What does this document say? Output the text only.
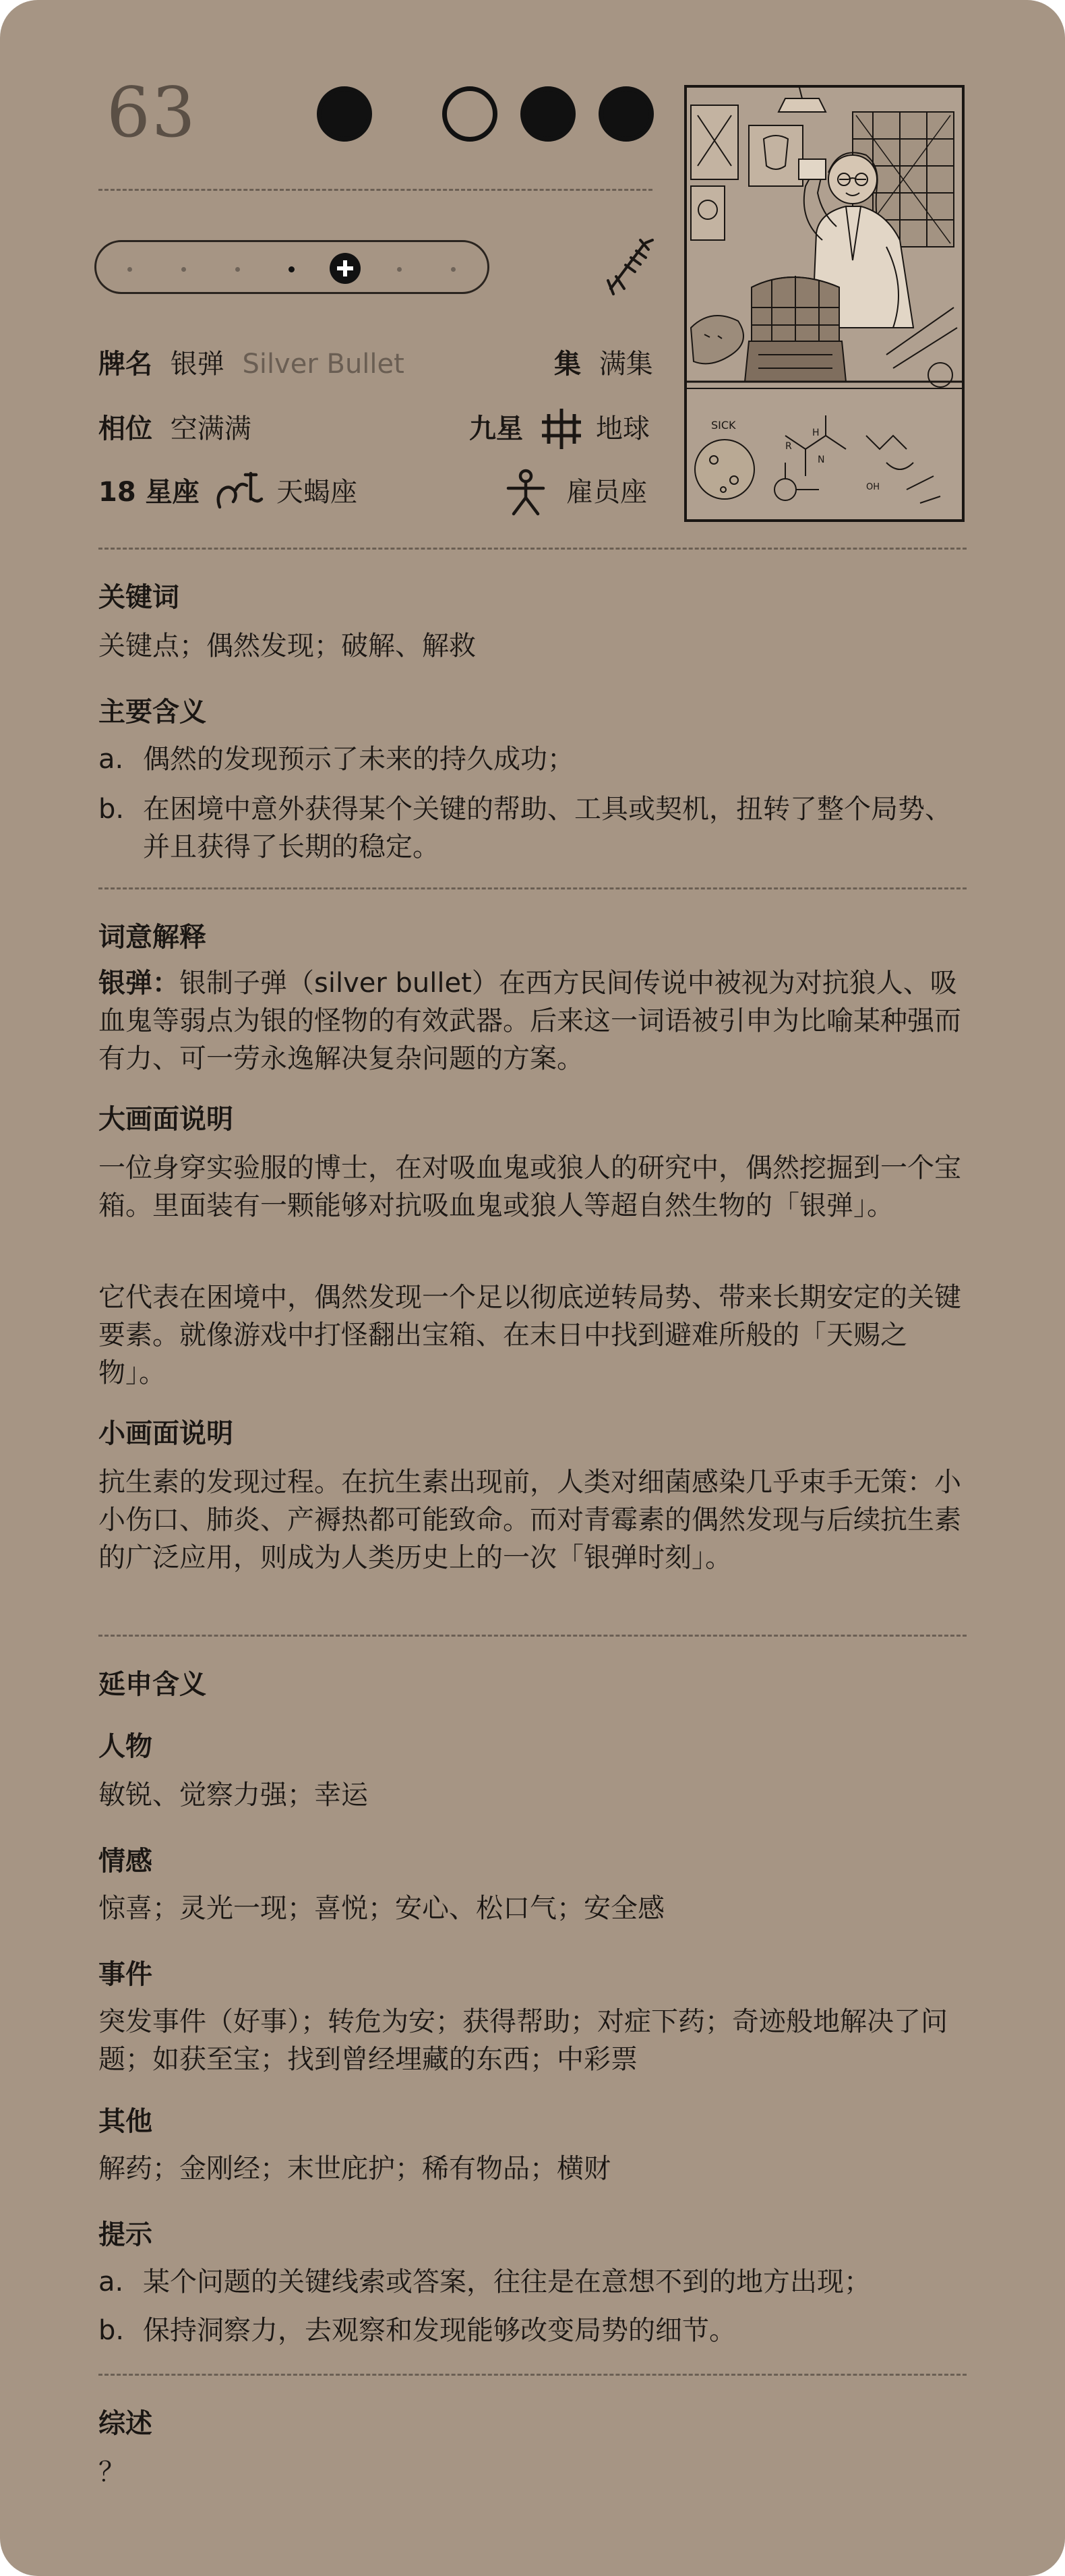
63
SICK
R
H
N
OH
牌名 银弹 Silver Bullet	集 满集
相位 空满满	九星	地球
18 星座	天蝎座	雇员座
关键词
关键点；偶然发现；破解、解救
主要含义
a. 偶然的发现预示了未来的持久成功；
b. 在困境中意外获得某个关键的帮助、工具或契机，扭转了整个局势、并且获得了长期的稳定。
词意解释
银弹：银制子弹（silver bullet）在西方民间传说中被视为对抗狼人、吸血鬼等弱点为银的怪物的有效武器。后来这一词语被引申为比喻某种强而有力、可一劳永逸解决复杂问题的方案。
大画面说明
一位身穿实验服的博士，在对吸血鬼或狼人的研究中，偶然挖掘到一个宝箱。里面装有一颗能够对抗吸血鬼或狼人等超自然生物的「银弹」。
它代表在困境中，偶然发现一个足以彻底逆转局势、带来长期安定的关键要素。就像游戏中打怪翻出宝箱、在末日中找到避难所般的「天赐之物」。
小画面说明
抗生素的发现过程。在抗生素出现前，人类对细菌感染几乎束手无策：小小伤口、肺炎、产褥热都可能致命。而对青霉素的偶然发现与后续抗生素的广泛应用，则成为人类历史上的一次「银弹时刻」。
延申含义
人物
敏锐、觉察力强；幸运
情感
惊喜；灵光一现；喜悦；安心、松口气；安全感
事件
突发事件（好事）；转危为安；获得帮助；对症下药；奇迹般地解决了问题；如获至宝；找到曾经埋藏的东西；中彩票
其他
解药；金刚经；末世庇护；稀有物品；横财
提示
a. 某个问题的关键线索或答案，往往是在意想不到的地方出现；
b. 保持洞察力，去观察和发现能够改变局势的细节。
综述
？
